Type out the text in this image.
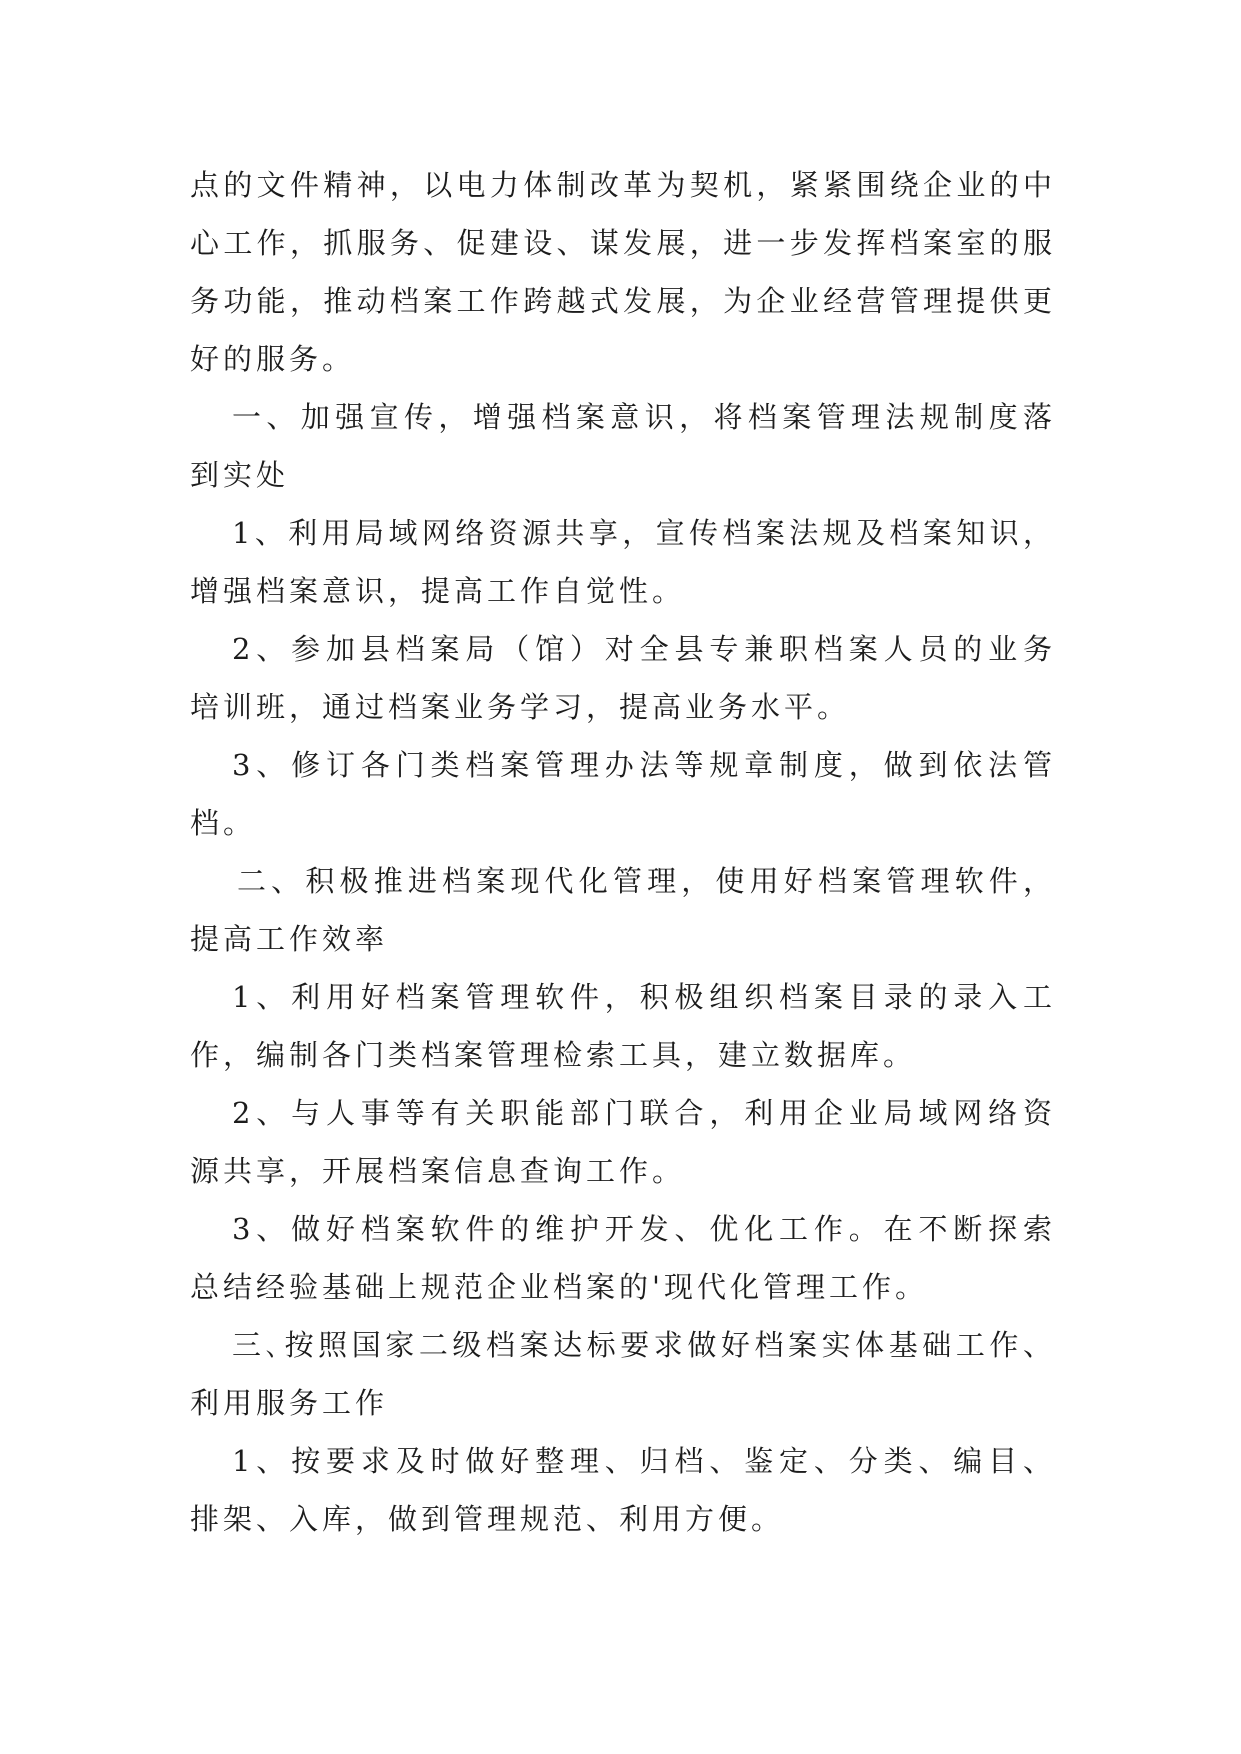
点的文件精神，以电力体制改革为契机，紧紧围绕企业的中
心工作，抓服务、促建设、谋发展，进一步发挥档案室的服
务功能，推动档案工作跨越式发展，为企业经营管理提供更
好的服务。
一、加强宣传，增强档案意识，将档案管理法规制度落
到实处
1、利用局域网络资源共享，宣传档案法规及档案知识，
增强档案意识，提高工作自觉性。
2、参加县档案局（馆）对全县专兼职档案人员的业务
培训班，通过档案业务学习，提高业务水平。
3、修订各门类档案管理办法等规章制度，做到依法管
档。
二、积极推进档案现代化管理，使用好档案管理软件，
提高工作效率
1、利用好档案管理软件，积极组织档案目录的录入工
作，编制各门类档案管理检索工具，建立数据库。
2、与人事等有关职能部门联合，利用企业局域网络资
源共享，开展档案信息查询工作。
3、做好档案软件的维护开发、优化工作。在不断探索
总结经验基础上规范企业档案的'现代化管理工作。
三､按照国家二级档案达标要求做好档案实体基础工作、
利用服务工作
1、按要求及时做好整理、归档、鉴定、分类、编目、
排架、入库，做到管理规范、利用方便。
